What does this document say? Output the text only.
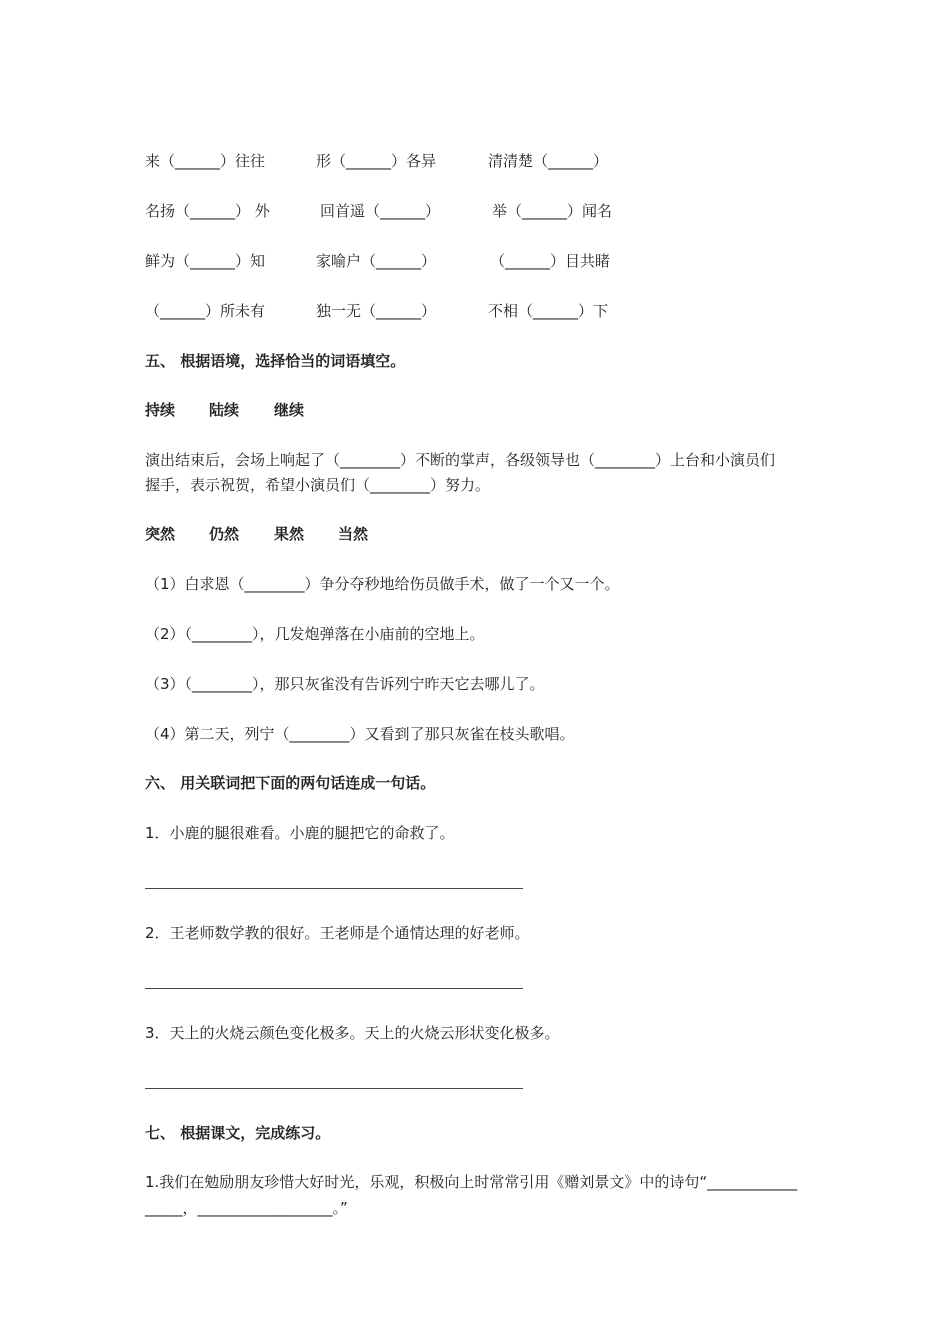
来（______）往往	形（______）各异	清清楚（______）
名扬（______） 外	回首遥（______）	举（______）闻名
鲜为（______）知	家喻户（______）	（______）目共睹
（______）所未有	独一无（______）	不相（______）下
五、 根据语境，选择恰当的词语填空。
持续 陆续 继续
演出结束后，会场上响起了（________）不断的掌声，各级领导也（________）上台和小演员们
握手，表示祝贺，希望小演员们（________）努力。
突然 仍然 果然 当然
（1）白求恩（________）争分夺秒地给伤员做手术，做了一个又一个。
（2）（________），几发炮弹落在小庙前的空地上。
（3）（________），那只灰雀没有告诉列宁昨天它去哪儿了。
（4）第二天，列宁（________）又看到了那只灰雀在枝头歌唱。
六、 用关联词把下面的两句话连成一句话。
1．小鹿的腿很难看。小鹿的腿把它的命救了。
2．王老师数学教的很好。王老师是个通情达理的好老师。
3．天上的火烧云颜色变化极多。天上的火烧云形状变化极多。
七、 根据课文，完成练习。
1.我们在勉励朋友珍惜大好时光，乐观，积极向上时常常引用《赠刘景文》中的诗句“____________
_____，__________________。”
